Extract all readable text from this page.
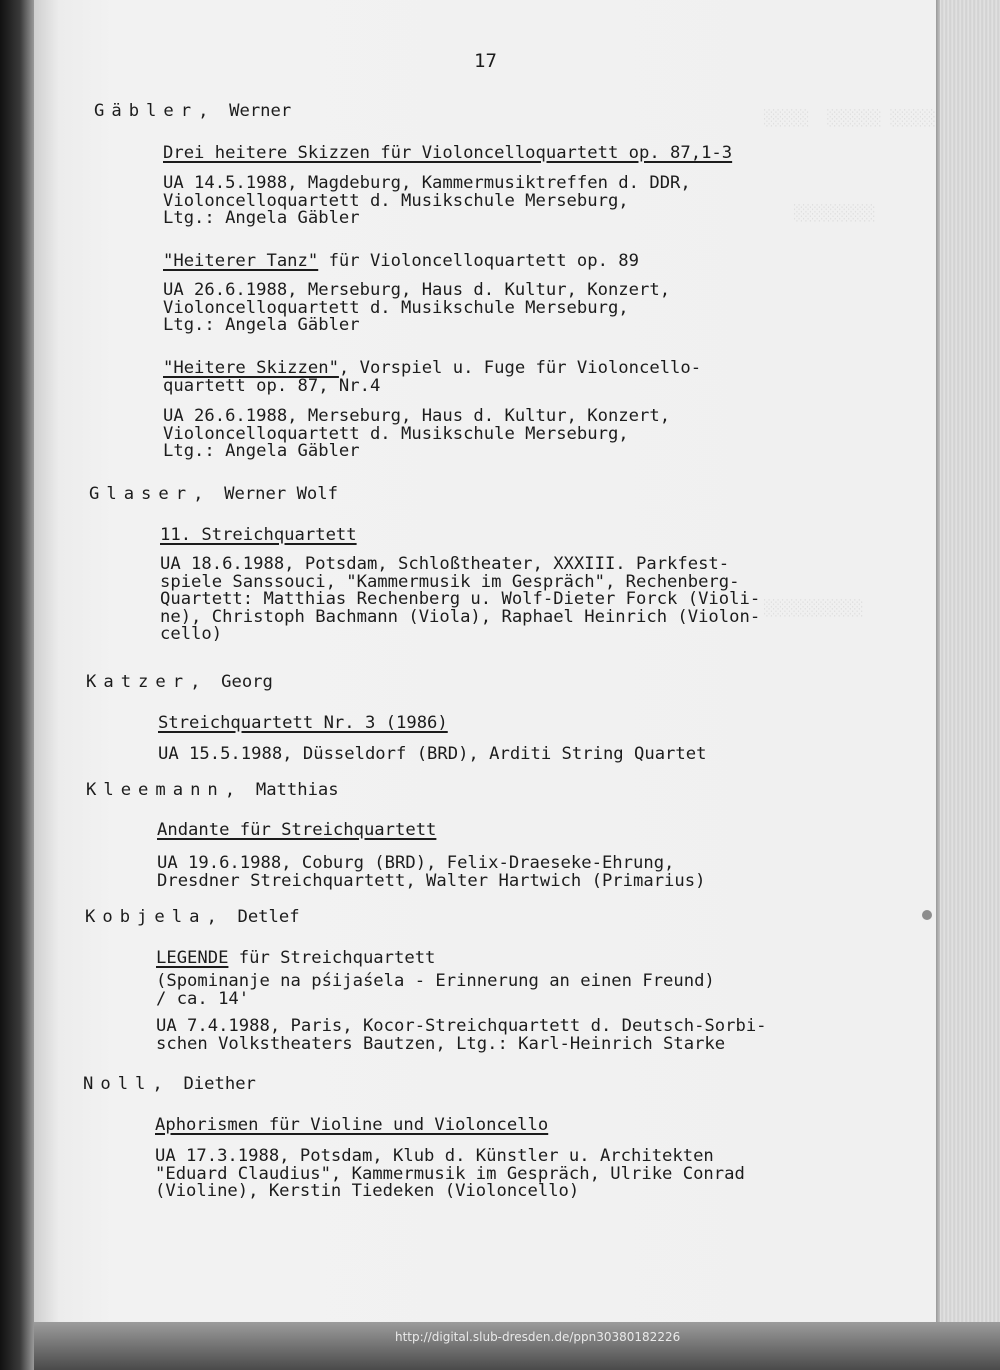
░░░░░  ░░░░░░ ░░░░░
░░░░░░░░░
░░░░░░░░░░░
17
Gäbler,  Werner
Drei heitere Skizzen für Violoncelloquartett op. 87,1-3
UA 14.5.1988, Magdeburg, Kammermusiktreffen d. DDR,
Violoncelloquartett d. Musikschule Merseburg,
Ltg.: Angela Gäbler
"Heiterer Tanz" für Violoncelloquartett op. 89
UA 26.6.1988, Merseburg, Haus d. Kultur, Konzert,
Violoncelloquartett d. Musikschule Merseburg,
Ltg.: Angela Gäbler
"Heitere Skizzen", Vorspiel u. Fuge für Violoncello-
quartett op. 87, Nr.4
UA 26.6.1988, Merseburg, Haus d. Kultur, Konzert,
Violoncelloquartett d. Musikschule Merseburg,
Ltg.: Angela Gäbler
Glaser,  Werner Wolf
11. Streichquartett
UA 18.6.1988, Potsdam, Schloßtheater, XXXIII. Parkfest-
spiele Sanssouci, "Kammermusik im Gespräch", Rechenberg-
Quartett: Matthias Rechenberg u. Wolf-Dieter Forck (Violi-
ne), Christoph Bachmann (Viola), Raphael Heinrich (Violon-
cello)
Katzer,  Georg
Streichquartett Nr. 3 (1986)
UA 15.5.1988, Düsseldorf (BRD), Arditi String Quartet
Kleemann,  Matthias
Andante für Streichquartett
UA 19.6.1988, Coburg (BRD), Felix-Draeseke-Ehrung,
Dresdner Streichquartett, Walter Hartwich (Primarius)
Kobjela,  Detlef
LEGENDE für Streichquartett
(Spominanje na pśijaśela - Erinnerung an einen Freund)
/ ca. 14'
UA 7.4.1988, Paris, Kocor-Streichquartett d. Deutsch-Sorbi-
schen Volkstheaters Bautzen, Ltg.: Karl-Heinrich Starke
Noll,  Diether
Aphorismen für Violine und Violoncello
UA 17.3.1988, Potsdam, Klub d. Künstler u. Architekten
"Eduard Claudius", Kammermusik im Gespräch, Ulrike Conrad
(Violine), Kerstin Tiedeken (Violoncello)
http://digital.slub-dresden.de/ppn30380182226
